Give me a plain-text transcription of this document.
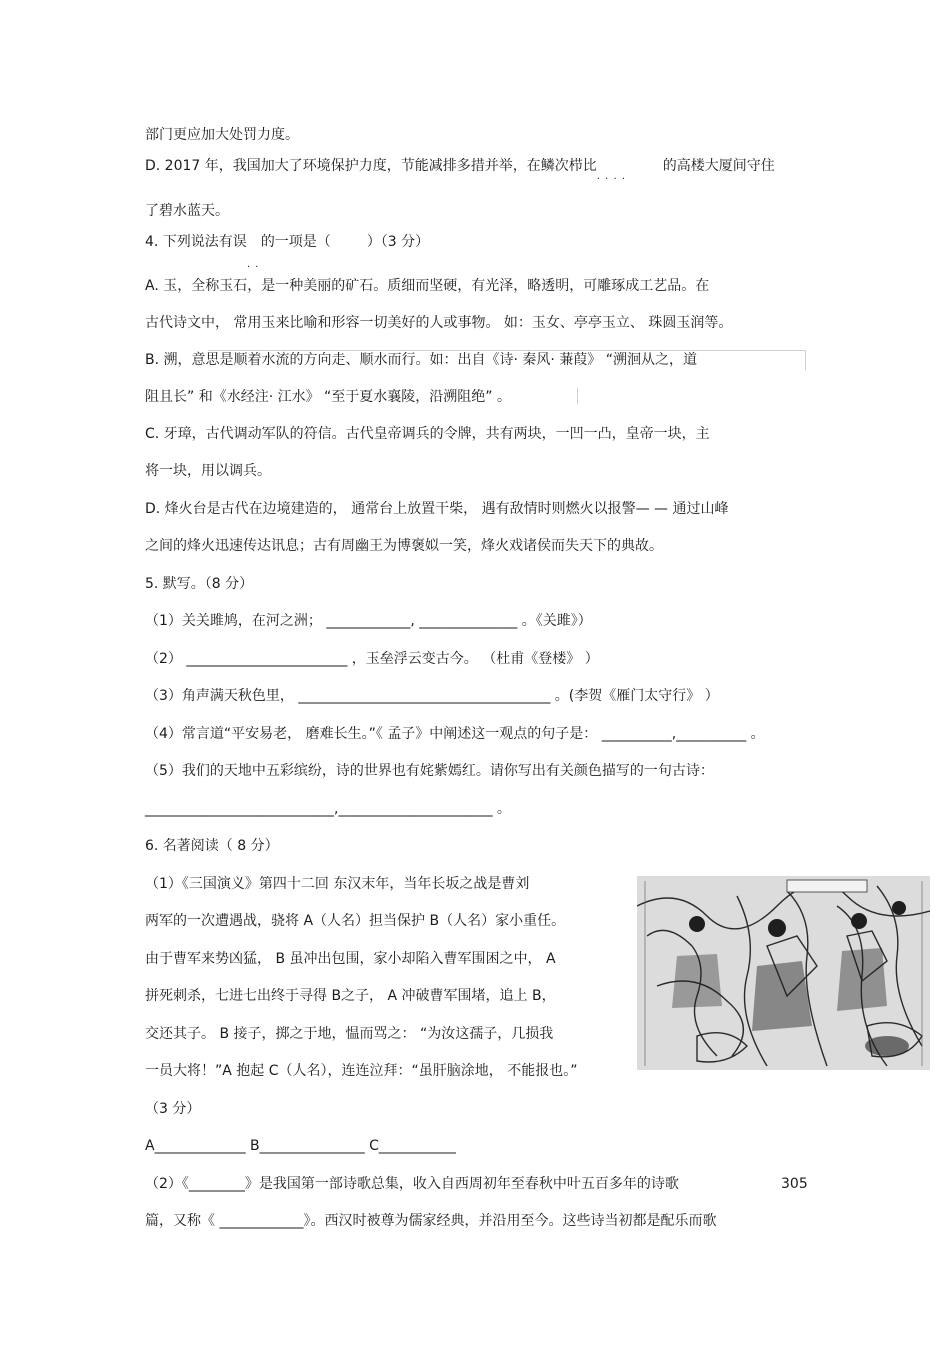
部门更应加大处罚力度。
D. 2017 年，我国加大了环境保护力度，节能减排多措并举，在鳞次栉比 · · · ·	的高楼大厦间守住
了碧水蓝天。
4. 下列说法有误 的一项是（	）（3 分）
A. 玉，全称玉石，是一种美丽的矿石。质细而坚硬，有光泽，略透明，可雕琢成工艺品。在
古代诗文中， 常用玉来比喻和形容一切美好的人或事物。 如：玉女、亭亭玉立、 珠圆玉润等。
B. 溯，意思是顺着水流的方向走、顺水而行。如：出自《诗· 秦风· 蒹葭》 “溯洄从之，道
阻且长” 和《水经注· 江水》 “至于夏水襄陵，沿溯阻绝” 。
C. 牙璋，古代调动军队的符信。古代皇帝调兵的令牌，共有两块，一凹一凸，皇帝一块，主
将一块，用以调兵。
D. 烽火台是古代在边境建造的， 通常台上放置干柴， 遇有敌情时则燃火以报警— — 通过山峰
之间的烽火迅速传达讯息；古有周幽王为博褒姒一笑，烽火戏诸侯而失天下的典故。
5. 默写。（8 分）
（1）关关雎鸠，在河之洲； ____________, ______________ 。《关雎》）
（2） _______________________ ，玉垒浮云变古今。 （杜甫《登楼》 ）
（3）角声满天秋色里， ____________________________________ 。(李贺《雁门太守行》 ）
（4）常言道“平安易老， 磨难长生。”《 孟子》中阐述这一观点的句子是： __________,__________ 。
（5）我们的天地中五彩缤纷，诗的世界也有姹紫嫣红。请你写出有关颜色描写的一句古诗：
___________________________,______________________ 。
6. 名著阅读（ 8 分）
（1）《三国演义》第四十二回 东汉末年，当年长坂之战是曹刘
两军的一次遭遇战，骁将 A（人名）担当保护 B（人名）家小重任。
由于曹军来势凶猛， B 虽冲出包围，家小却陷入曹军围困之中， A
拼死刺杀，七进七出终于寻得 B之子， A 冲破曹军围堵，追上 B，
交还其子。 B 接子，掷之于地，愠而骂之： “为汝这孺子，几损我
一员大将！”A 抱起 C（人名），连连泣拜：“虽肝脑涂地， 不能报也。”
（3 分）
A_____________ B_______________ C___________
（2）《________》是我国第一部诗歌总集，收入自西周初年至春秋中叶五百多年的诗歌	305
篇，又称《 ____________》。西汉时被尊为儒家经典，并沿用至今。这些诗当初都是配乐而歌
